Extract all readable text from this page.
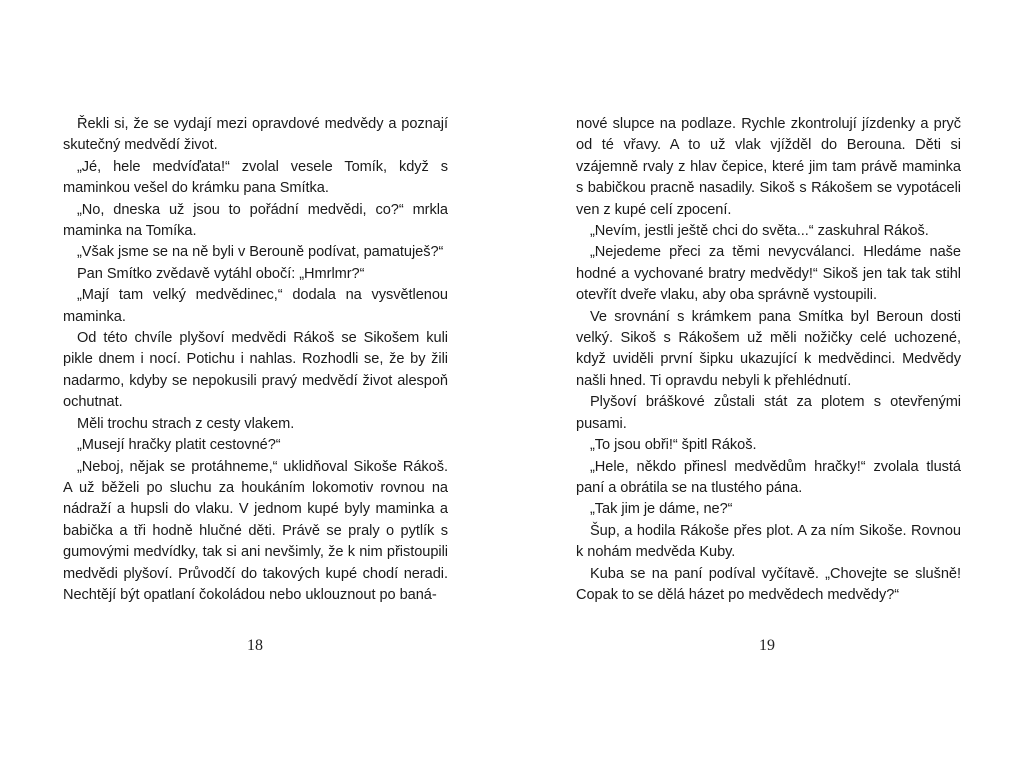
Řekli si, že se vydají mezi opravdové medvědy a poznají skutečný medvědí život.

„Jé, hele medvíďata!“ zvolal vesele Tomík, když s maminkou vešel do krámku pana Smítka.

„No, dneska už jsou to pořádní medvědi, co?“ mrkla maminka na Tomíka.

„Však jsme se na ně byli v Berouně podívat, pamatuješ?“

Pan Smítko zvědavě vytáhl obočí: „Hmrlmr?“

„Mají tam velký medvědinec,“ dodala na vysvětlenou maminka.

Od této chvíle plyšoví medvědi Rákoš se Sikošem kuli pikle dnem i nocí. Potichu i nahlas. Rozhodli se, že by žili nadarmo, kdyby se nepokusili pravý medvědí život alespoň ochutnat.

Měli trochu strach z cesty vlakem.

„Musejí hračky platit cestovné?“

„Neboj, nějak se protáhneme,“ uklidňoval Sikoše Rákoš. A už běželi po sluchu za houkáním lokomotiv rovnou na nádraží a hupsli do vlaku. V jednom kupé byly maminka a babička a tři hodně hlučné děti. Právě se praly o pytlík s gumovými medvídky, tak si ani nevšimly, že k nim přistoupili medvědi plyšoví. Průvodčí do takových kupé chodí neradi. Nechtějí být opatlaní čokoládou nebo uklouznout po baná-

18

nové slupce na podlaze. Rychle zkontrolují jízdenky a pryč od té vřavy. A to už vlak vjížděl do Berouna. Děti si vzájemně rvaly z hlav čepice, které jim tam právě maminka s babičkou pracně nasadily. Sikoš s Rákošem se vypotáceli ven z kupé celí zpocení.

„Nevím, jestli ještě chci do světa...“ zaskuhral Rákoš.

„Nejedeme přeci za těmi nevycválanci. Hledáme naše hodné a vychované bratry medvědy!“ Sikoš jen tak tak stihl otevřít dveře vlaku, aby oba správně vystoupili.

Ve srovnání s krámkem pana Smítka byl Beroun dosti velký. Sikoš s Rákošem už měli nožičky celé uchozené, když uviděli první šipku ukazující k medvědinci. Medvědy našli hned. Ti opravdu nebyli k přehlédnutí.

Plyšoví bráškové zůstali stát za plotem s otevřenými pusami.

„To jsou obři!“ špitl Rákoš.

„Hele, někdo přinesl medvědům hračky!“ zvolala tlustá paní a obrátila se na tlustého pána.

„Tak jim je dáme, ne?“

Šup, a hodila Rákoše přes plot. A za ním Sikoše. Rovnou k nohám medvěda Kuby.

Kuba se na paní podíval vyčítavě. „Chovejte se slušně! Copak to se dělá házet po medvědech medvědy?“

19
